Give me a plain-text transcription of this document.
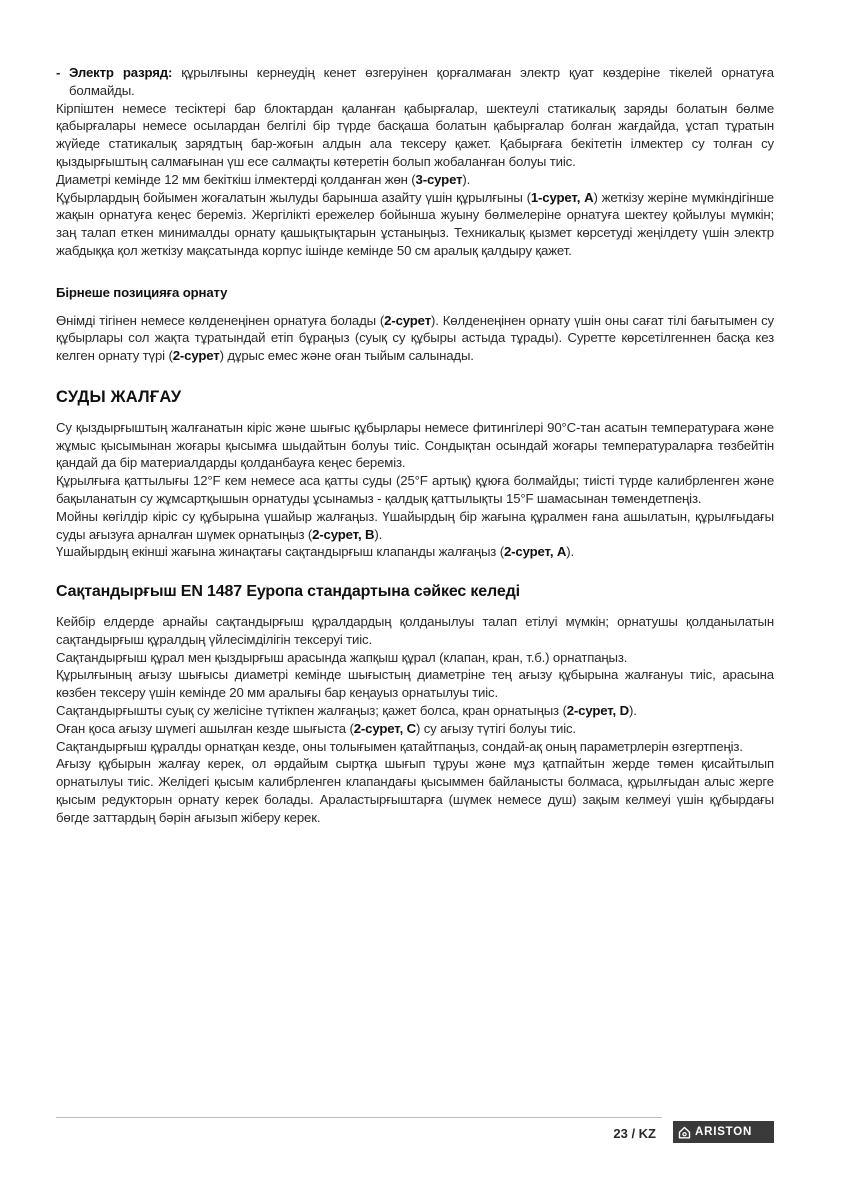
- Электр разряд: құрылғыны кернеудің кенет өзгеруінен қорғалмаған электр қуат көздеріне тікелей орнатуға болмайды.

Кірпіштен немесе тесіктері бар блоктардан қаланған қабырғалар, шектеулі статикалық заряды болатын бөлме қабырғалары немесе осылардан белгілі бір түрде басқаша болатын қабырғалар болған жағдайда, ұстап тұратын жүйеде статикалық зарядтың бар-жоғын алдын ала тексеру қажет. Қабырғаға бекітетін ілмектер су толған су қыздырғыштың салмағынан үш есе салмақты көтеретін болып жобаланған болуы тиіс.

Диаметрі кемінде 12 мм бекіткіш ілмектерді қолданған жөн (3-сурет).

Құбырлардың бойымен жоғалатын жылуды барынша азайту үшін құрылғыны (1-сурет, A) жеткізу жеріне мүмкіндігінше жақын орнатуға кеңес береміз. Жергілікті ережелер бойынша жуыну бөлмелеріне орнатуға шектеу қойылуы мүмкін; заң талап еткен минималды орнату қашықтықтарын ұстаныңыз. Техникалық қызмет көрсетуді жеңілдету үшін электр жабдыққа қол жеткізу мақсатында корпус ішінде кемінде 50 см аралық қалдыру қажет.

Бірнеше позицияға орнату

Өнімді тігінен немесе көлденеңінен орнатуға болады (2-сурет). Көлденеңінен орнату үшін оны сағат тілі бағытымен су құбырлары сол жақта тұратындай етіп бұраңыз (суық су құбыры астыда тұрады). Суретте көрсетілгеннен басқа кез келген орнату түрі (2-сурет) дұрыс емес және оған тыйым салынады.

СУДЫ ЖАЛҒАУ

Су қыздырғыштың жалғанатын кіріс және шығыс құбырлары немесе фитингілері 90°C-тан асатын температураға және жұмыс қысымынан жоғары қысымға шыдайтын болуы тиіс. Сондықтан осындай жоғары температураларға төзбейтін қандай да бір материалдарды қолданбауға кеңес береміз.

Құрылғыға қаттылығы 12°F кем немесе аса қатты суды (25°F артық) құюға болмайды; тиісті түрде калибрленген және бақыланатын су жұмсартқышын орнатуды ұсынамыз - қалдық қаттылықты 15°F шамасынан төмендетпеңіз.

Мойны көгілдір кіріс су құбырына үшайыр жалғаңыз. Үшайырдың бір жағына құралмен ғана ашылатын, құрылғыдағы суды ағызуға арналған шүмек орнатыңыз (2-сурет, B).

Үшайырдың екінші жағына жинақтағы сақтандырғыш клапанды жалғаңыз (2-сурет, A).

Сақтандырғыш EN 1487 Еуропа стандартына сәйкес келеді

Кейбір елдерде арнайы сақтандырғыш құралдардың қолданылуы талап етілуі мүмкін; орнатушы қолданылатын сақтандырғыш құралдың үйлесімділігін тексеруі тиіс.

Сақтандырғыш құрал мен қыздырғыш арасында жапқыш құрал (клапан, кран, т.б.) орнатпаңыз.

Құрылғының ағызу шығысы диаметрі кемінде шығыстың диаметріне тең ағызу құбырына жалғануы тиіс, арасына көзбен тексеру үшін кемінде 20 мм аралығы бар кеңауыз орнатылуы тиіс.

Сақтандырғышты суық су желісіне түтікпен жалғаңыз; қажет болса, кран орнатыңыз (2-сурет, D).

Оған қоса ағызу шүмегі ашылған кезде шығыста (2-сурет, C) су ағызу түтігі болуы тиіс.

Сақтандырғыш құралды орнатқан кезде, оны толығымен қатайтпаңыз, сондай-ақ оның параметрлерін өзгертпеңіз.

Ағызу құбырын жалғау керек, ол әрдайым сыртқа шығып тұруы және мұз қатпайтын жерде төмен қисайтылып орнатылуы тиіс. Желідегі қысым калибрленген клапандағы қысыммен байланысты болмаса, құрылғыдан алыс жерге қысым редукторын орнату керек болады. Араластырғыштарға (шүмек немесе душ) зақым келмеуі үшін құбырдағы бөгде заттардың бәрін ағызып жіберу керек.

23 / KZ	ARISTON
